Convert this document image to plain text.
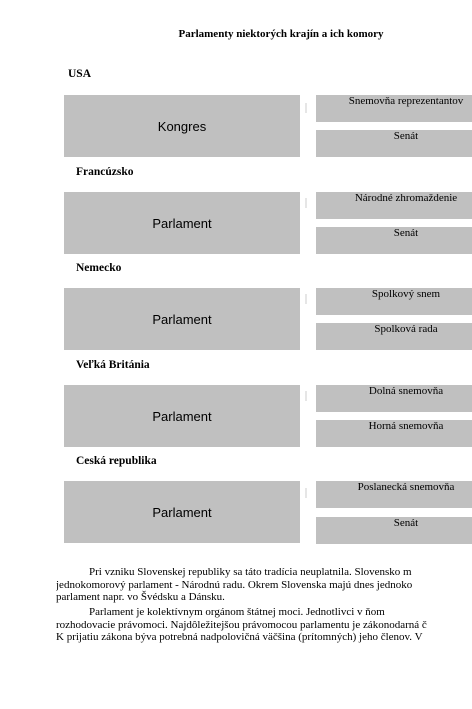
Parlamenty niektorých krajín a ich komory
USA
Kongres
Snemovňa reprezentantov
Senát
Francúzsko
Parlament
Národné zhromaždenie
Senát
Nemecko
Parlament
Spolkový snem
Spolková rada
Veľká Británia
Parlament
Dolná snemovňa
Horná snemovňa
Ceská republika
Parlament
Poslanecká snemovňa
Senát
Pri vzniku Slovenskej republiky sa táto tradícia neuplatnila. Slovensko m
jednokomorový parlament - Národnú radu. Okrem Slovenska majú dnes jednoko
parlament napr. vo Švédsku a Dánsku.
Parlament je kolektívnym orgánom štátnej moci. Jednotlivci v ňom
rozhodovacie právomoci. Najdôležitejšou právomocou parlamentu je zákonodarná č
K prijatiu zákona býva potrebná nadpolovičná väčšina (prítomných) jeho členov. V
